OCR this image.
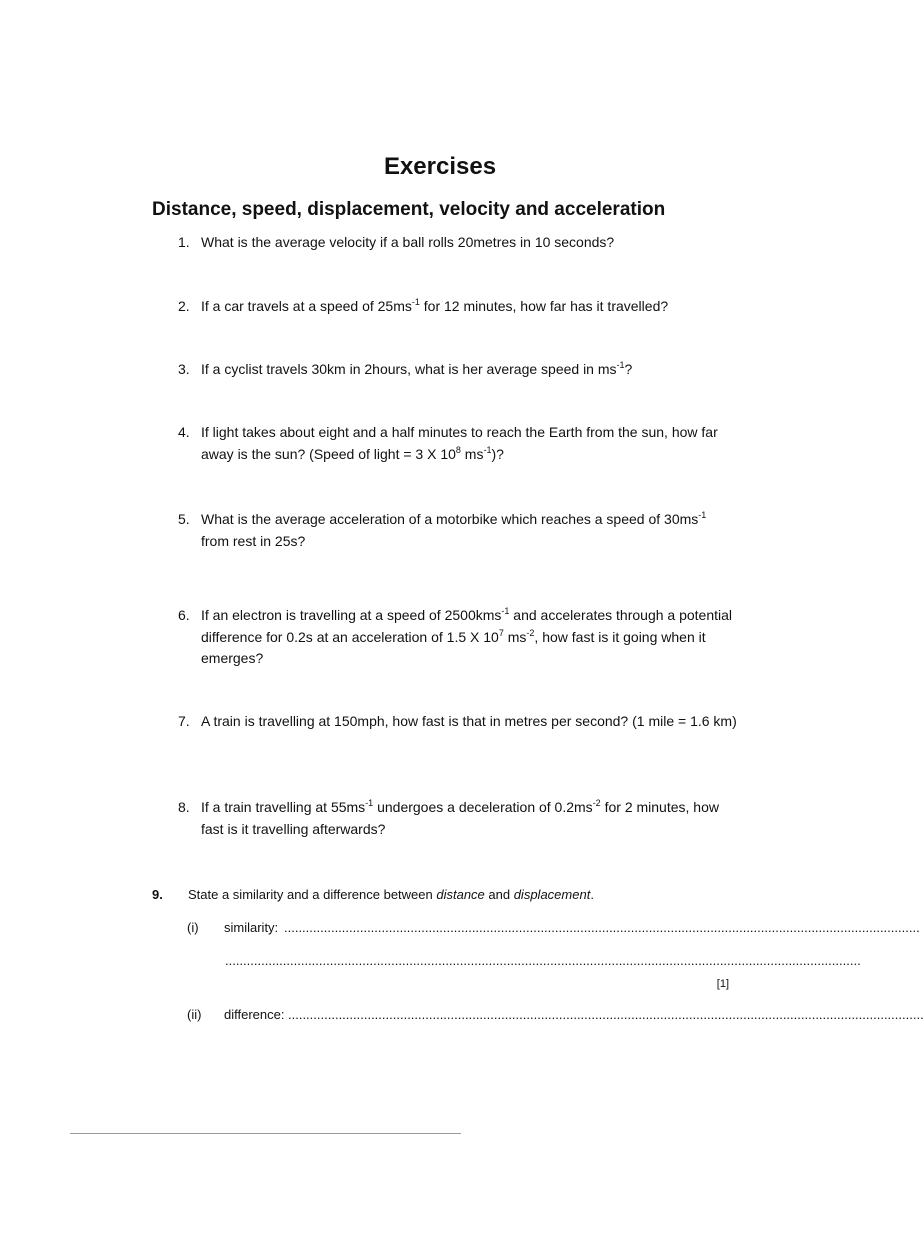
Exercises
Distance, speed, displacement, velocity and acceleration
1. What is the average velocity if a ball rolls 20metres in 10 seconds?
2. If a car travels at a speed of $25ms^{-1}$ for 12 minutes, how far has it travelled?
3. If a cyclist travels 30km in 2hours, what is her average speed in $ms^{-1}$?
4. If light takes about eight and a half minutes to reach the Earth from the sun, how far away is the sun? (Speed of light = 3 X $10^8$ $ms^{-1}$)?
5. What is the average acceleration of a motorbike which reaches a speed of $30ms^{-1}$ from rest in 25s?
6. If an electron is travelling at a speed of 2500kms$^{-1}$ and accelerates through a potential difference for 0.2s at an acceleration of 1.5 X $10^7$ $ms^{-2}$, how fast is it going when it emerges?
7. A train is travelling at 150mph, how fast is that in metres per second? (1 mile = 1.6 km)
8. If a train travelling at $55ms^{-1}$ undergoes a deceleration of $0.2ms^{-2}$ for 2 minutes, how fast is it travelling afterwards?
9. State a similarity and a difference between distance and displacement.
(i) similarity: ................................................................................................................................................................................
................................................................................................................................................................................
[1]
(ii) difference: ................................................................................................................................................................................
